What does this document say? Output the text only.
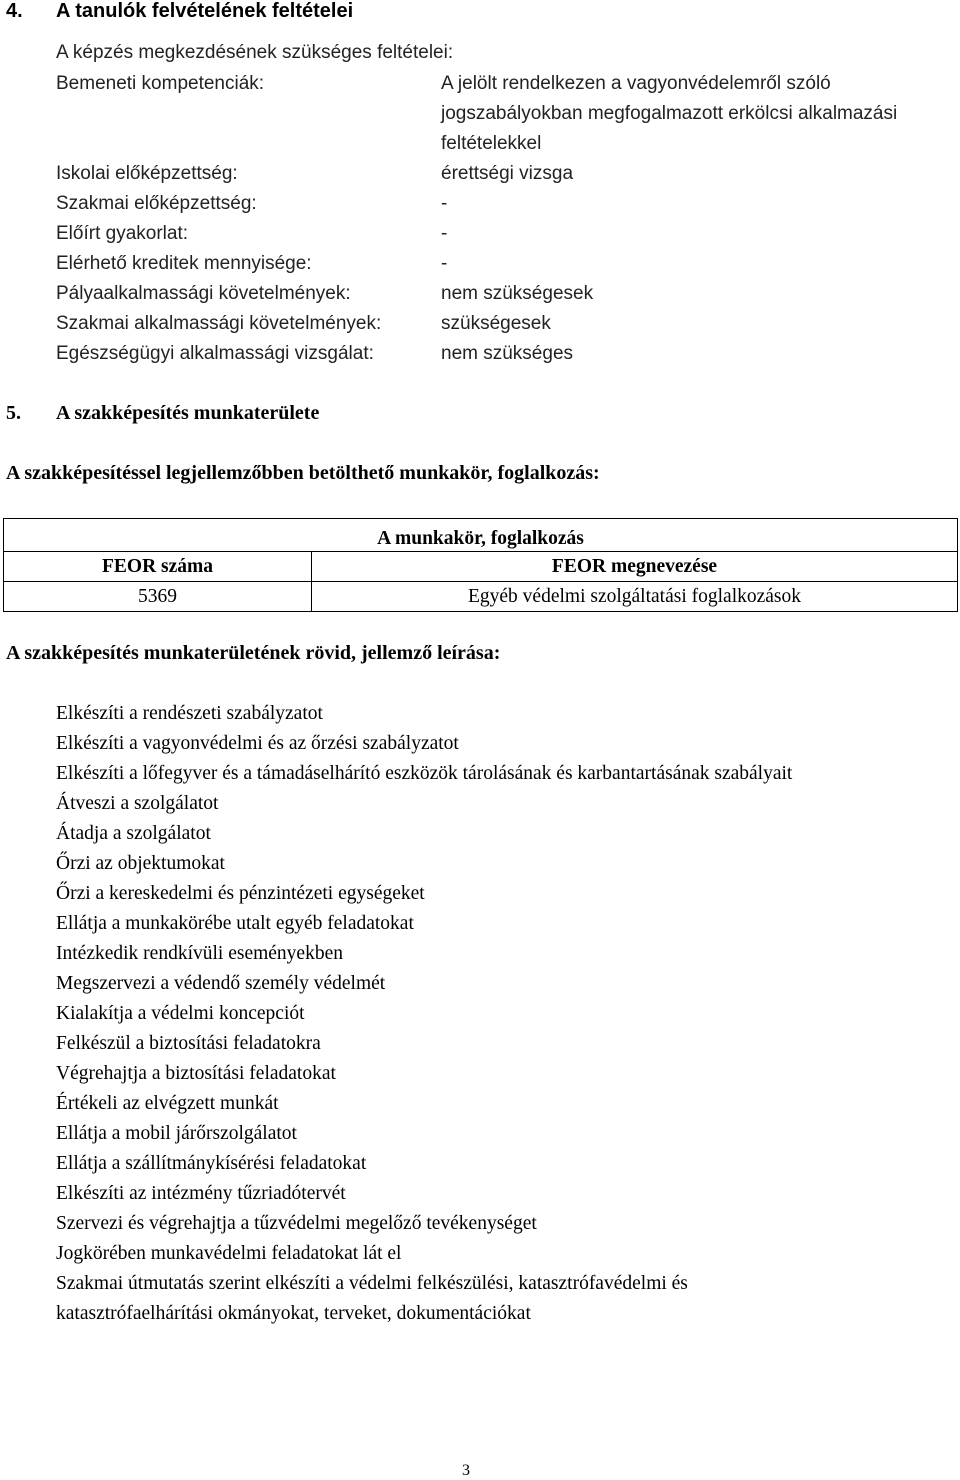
4. A tanulók felvételének feltételei
A képzés megkezdésének szükséges feltételei:
Bemeneti kompetenciák:	A jelölt rendelkezen a vagyonvédelemről szóló
jogszabályokban megfogalmazott erkölcsi alkalmazási
feltételekkel
Iskolai előképzettség:	érettségi vizsga
Szakmai előképzettség:	-
Előírt gyakorlat:	-
Elérhető kreditek mennyisége:	-
Pályaalkalmassági követelmények:	nem szükségesek
Szakmai alkalmassági követelmények:	szükségesek
Egészségügyi alkalmassági vizsgálat:	nem szükséges
5. A szakképesítés munkaterülete
A szakképesítéssel legjellemzőbben betölthető munkakör, foglalkozás:
A munkakör, foglalkozás	
FEOR száma	FEOR megnevezése
5369	Egyéb védelmi szolgáltatási foglalkozások
A szakképesítés munkaterületének rövid, jellemző leírása:
Elkészíti a rendészeti szabályzatot
Elkészíti a vagyonvédelmi és az őrzési szabályzatot
Elkészíti a lőfegyver és a támadáselhárító eszközök tárolásának és karbantartásának szabályait
Átveszi a szolgálatot
Átadja a szolgálatot
Őrzi az objektumokat
Őrzi a kereskedelmi és pénzintézeti egységeket
Ellátja a munkakörébe utalt egyéb feladatokat
Intézkedik rendkívüli eseményekben
Megszervezi a védendő személy védelmét
Kialakítja a védelmi koncepciót
Felkészül a biztosítási feladatokra
Végrehajtja a biztosítási feladatokat
Értékeli az elvégzett munkát
Ellátja a mobil járőrszolgálatot
Ellátja a szállítmánykísérési feladatokat
Elkészíti az intézmény tűzriadótervét
Szervezi és végrehajtja a tűzvédelmi megelőző tevékenységet
Jogkörében munkavédelmi feladatokat lát el
Szakmai útmutatás szerint elkészíti a védelmi felkészülési, katasztrófavédelmi és
katasztrófaelhárítási okmányokat, terveket, dokumentációkat
3
